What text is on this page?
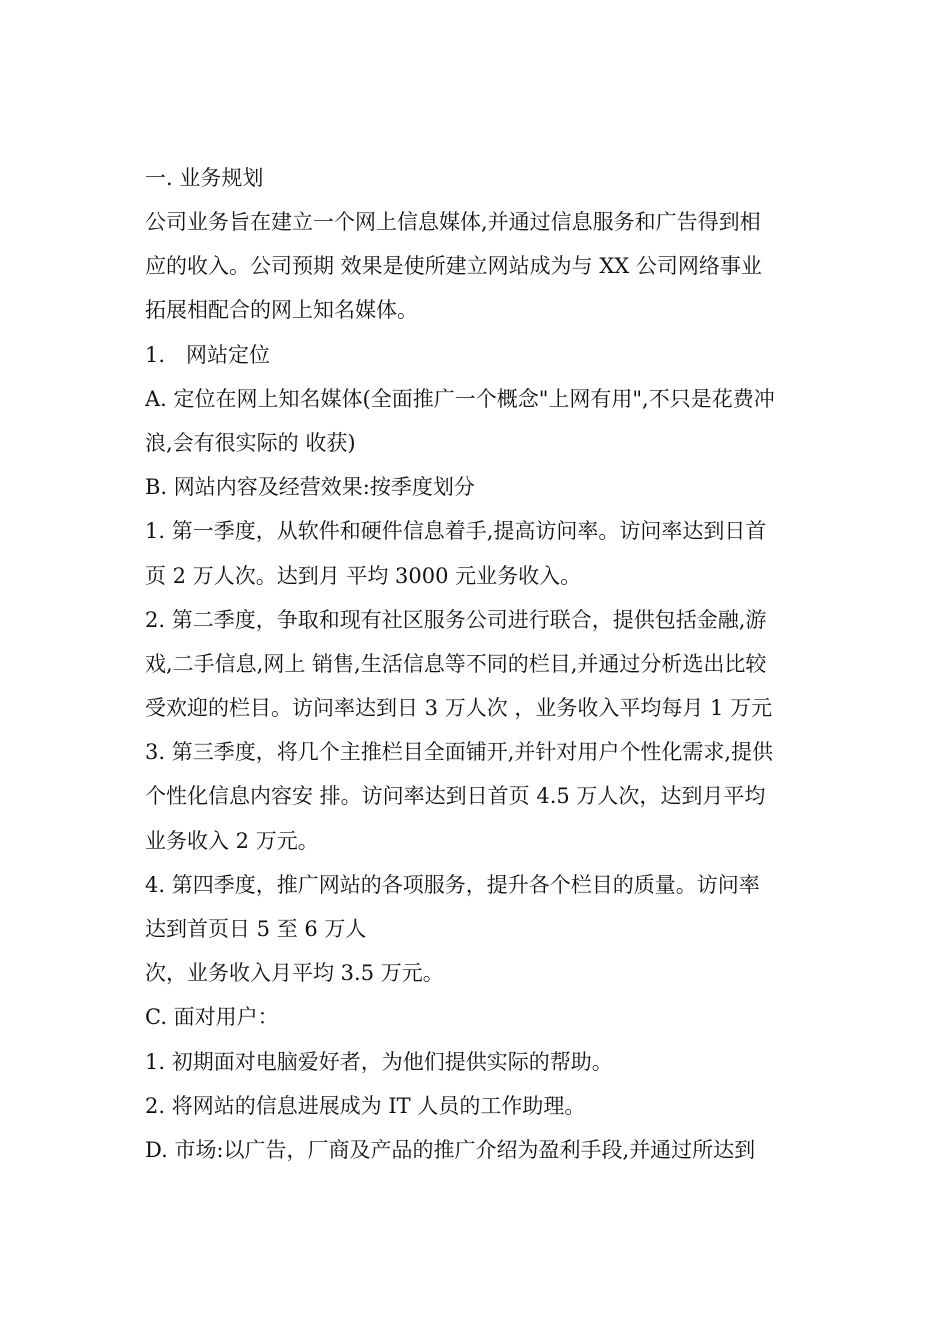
一. 业务规划
公司业务旨在建立一个网上信息媒体,并通过信息服务和广告得到相
应的收入。公司预期 效果是使所建立网站成为与 XX 公司网络事业
拓展相配合的网上知名媒体。
1.　网站定位
A. 定位在网上知名媒体(全面推广一个概念"上网有用",不只是花费冲
浪,会有很实际的 收获)
B. 网站内容及经营效果:按季度划分
1. 第一季度，从软件和硬件信息着手,提高访问率。访问率达到日首
页 2 万人次。达到月 平均 3000 元业务收入。
2. 第二季度，争取和现有社区服务公司进行联合，提供包括金融,游
戏,二手信息,网上 销售,生活信息等不同的栏目,并通过分析选出比较
受欢迎的栏目。访问率达到日 3 万人次 ，业务收入平均每月 1 万元
3. 第三季度，将几个主推栏目全面铺开,并针对用户个性化需求,提供
个性化信息内容安 排。访问率达到日首页 4.5 万人次，达到月平均
业务收入 2 万元。
4. 第四季度，推广网站的各项服务，提升各个栏目的质量。访问率
达到首页日 5 至 6 万人
次，业务收入月平均 3.5 万元。
C. 面对用户：
1. 初期面对电脑爱好者，为他们提供实际的帮助。
2. 将网站的信息进展成为 IT 人员的工作助理。
D. 市场:以广告，厂商及产品的推广介绍为盈利手段,并通过所达到
